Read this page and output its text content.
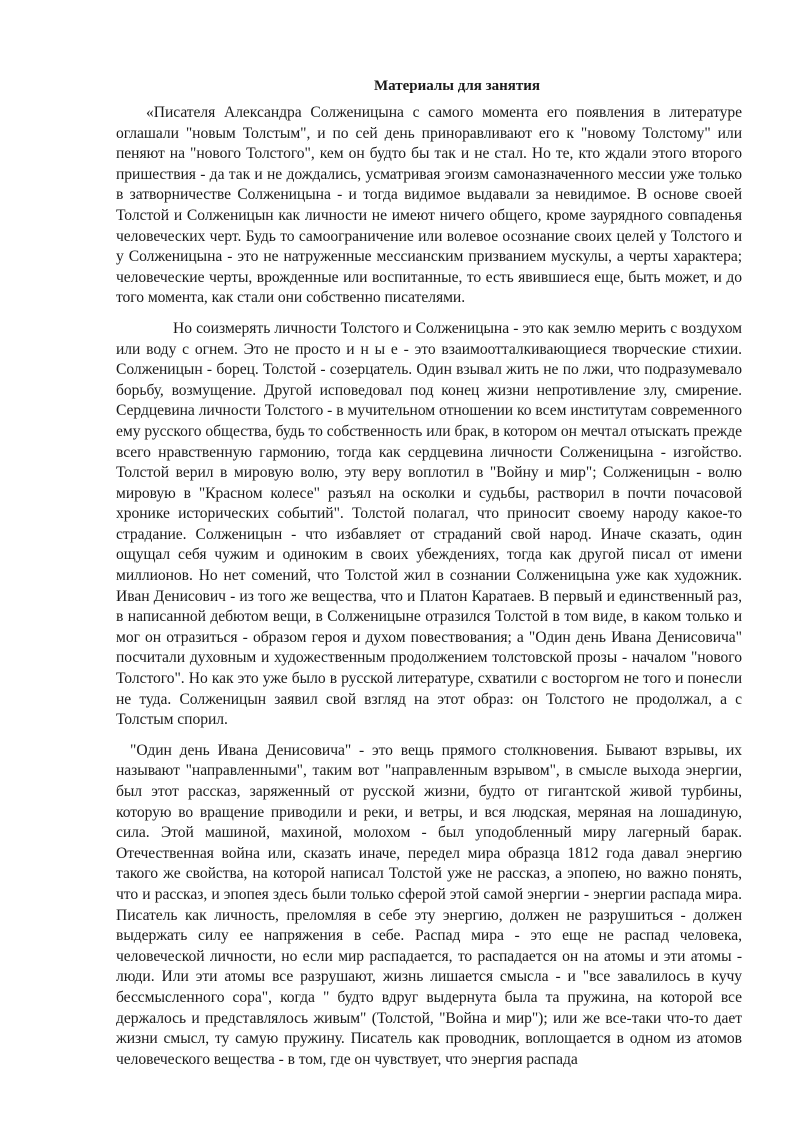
Материалы для занятия

«Писателя Александра Солженицына с самого момента его появления в литературе оглашали "новым Толстым", и по сей день приноравливают его к "новому Толстому" или пеняют на "нового Толстого", кем он будто бы так и не стал. Но те, кто ждали этого второго пришествия - да так и не дождались, усматривая эгоизм самоназначенного мессии уже только в затворничестве Солженицына - и тогда видимое выдавали за невидимое. В основе своей Толстой и Солженицын как личности не имеют ничего общего, кроме заурядного совпаденья человеческих черт. Будь то самоограничение или волевое осознание своих целей у Толстого и у Солженицына - это не натруженные мессианским призванием мускулы, а черты характера; человеческие черты, врожденные или воспитанные, то есть явившиеся еще, быть может, и до того момента, как стали они собственно писателями.

Но соизмерять личности Толстого и Солженицына - это как землю мерить с воздухом или воду с огнем. Это не просто и н ы е - это взаимоотталкивающиеся творческие стихии. Солженицын - борец. Толстой - созерцатель. Один взывал жить не по лжи, что подразумевало борьбу, возмущение. Другой исповедовал под конец жизни непротивление злу, смирение. Сердцевина личности Толстого - в мучительном отношении ко всем институтам современного ему русского общества, будь то собственность или брак, в котором он мечтал отыскать прежде всего нравственную гармонию, тогда как сердцевина личности Солженицына - изгойство. Толстой верил в мировую волю, эту веру воплотил в "Войну и мир"; Солженицын - волю мировую в "Красном колесе" разъял на осколки и судьбы, растворил в почти почасовой хронике исторических событий". Толстой полагал, что приносит своему народу какое-то страдание. Солженицын - что избавляет от страданий свой народ. Иначе сказать, один ощущал себя чужим и одиноким в своих убеждениях, тогда как другой писал от имени миллионов. Но нет сомений, что Толстой жил в сознании Солженицына уже как художник. Иван Денисович - из того же вещества, что и Платон Каратаев. В первый и единственный раз, в написанной дебютом вещи, в Солженицыне отразился Толстой в том виде, в каком только и мог он отразиться - образом героя и духом повествования; а "Один день Ивана Денисовича" посчитали духовным и художественным продолжением толстовской прозы - началом "нового Толстого". Но как это уже было в русской литературе, схватили с восторгом не того и понесли не туда. Солженицын заявил свой взгляд на этот образ: он Толстого не продолжал, а с Толстым спорил.

"Один день Ивана Денисовича" - это вещь прямого столкновения. Бывают взрывы, их называют "направленными", таким вот "направленным взрывом", в смысле выхода энергии, был этот рассказ, заряженный от русской жизни, будто от гигантской живой турбины, которую во вращение приводили и реки, и ветры, и вся людская, меряная на лошадиную, сила. Этой машиной, махиной, молохом - был уподобленный миру лагерный барак. Отечественная война или, сказать иначе, передел мира образца 1812 года давал энергию такого же свойства, на которой написал Толстой уже не рассказ, а эпопею, но важно понять, что и рассказ, и эпопея здесь были только сферой этой самой энергии - энергии распада мира. Писатель как личность, преломляя в себе эту энергию, должен не разрушиться - должен выдержать силу ее напряжения в себе. Распад мира - это еще не распад человека, человеческой личности, но если мир распадается, то распадается он на атомы и эти атомы - люди. Или эти атомы все разрушают, жизнь лишается смысла - и "все завалилось в кучу бессмысленного сора", когда " будто вдруг выдернута была та пружина, на которой все держалось и представлялось живым" (Толстой, "Война и мир"); или же все-таки что-то дает жизни смысл, ту самую пружину. Писатель как проводник, воплощается в одном из атомов человеческого вещества - в том, где он чувствует, что энергия распада
